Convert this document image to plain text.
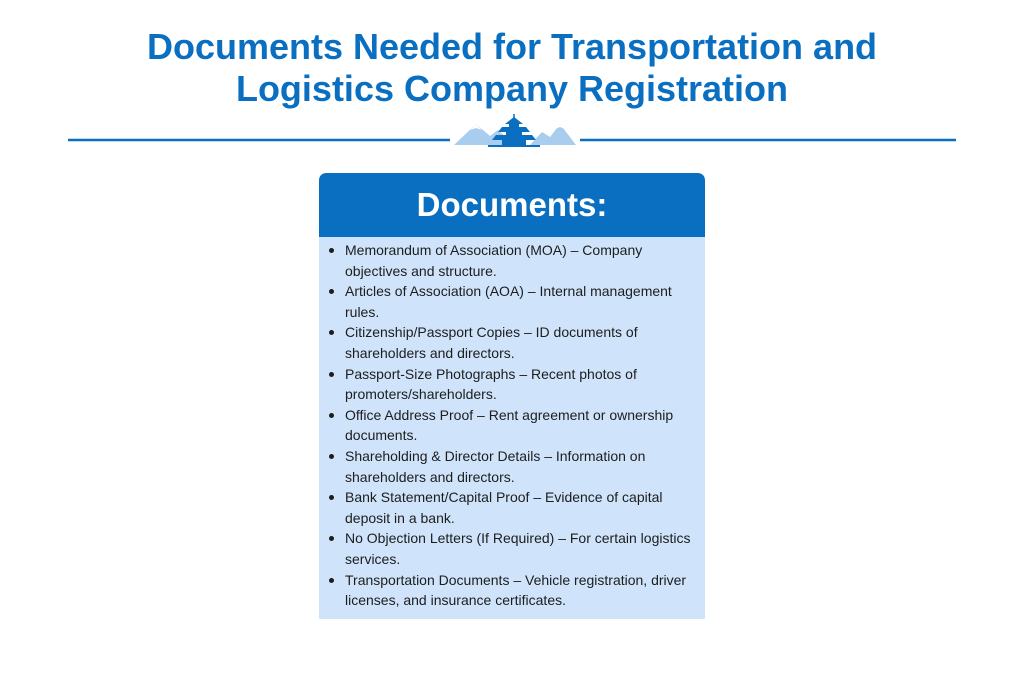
Documents Needed for Transportation and
Logistics Company Registration
Documents:
Memorandum of Association (MOA) – Company objectives and structure.
Articles of Association (AOA) – Internal management rules.
Citizenship/Passport Copies – ID documents of shareholders and directors.
Passport-Size Photographs – Recent photos of promoters/shareholders.
Office Address Proof – Rent agreement or ownership documents.
Shareholding & Director Details – Information on shareholders and directors.
Bank Statement/Capital Proof – Evidence of capital deposit in a bank.
No Objection Letters (If Required) – For certain logistics services.
Transportation Documents – Vehicle registration, driver licenses, and insurance certificates.
